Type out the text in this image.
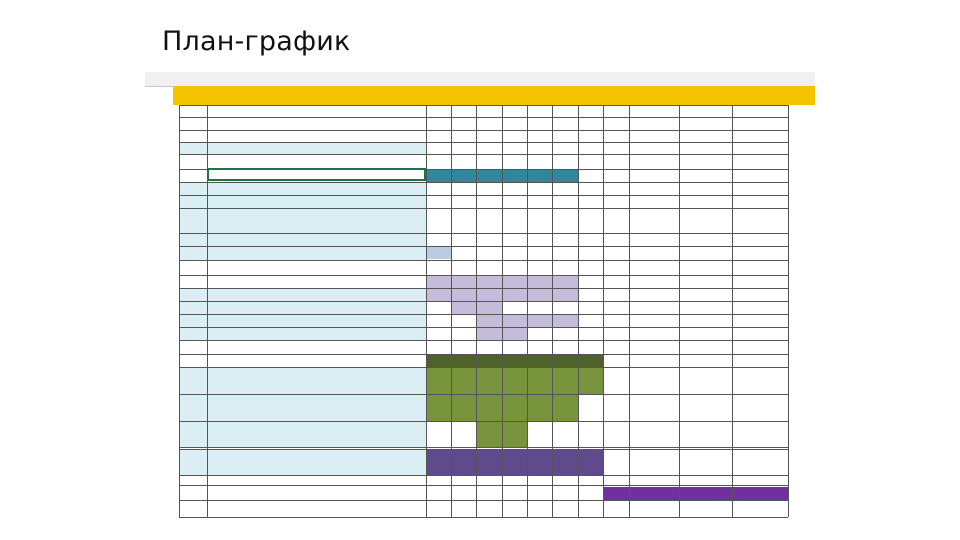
План-график
